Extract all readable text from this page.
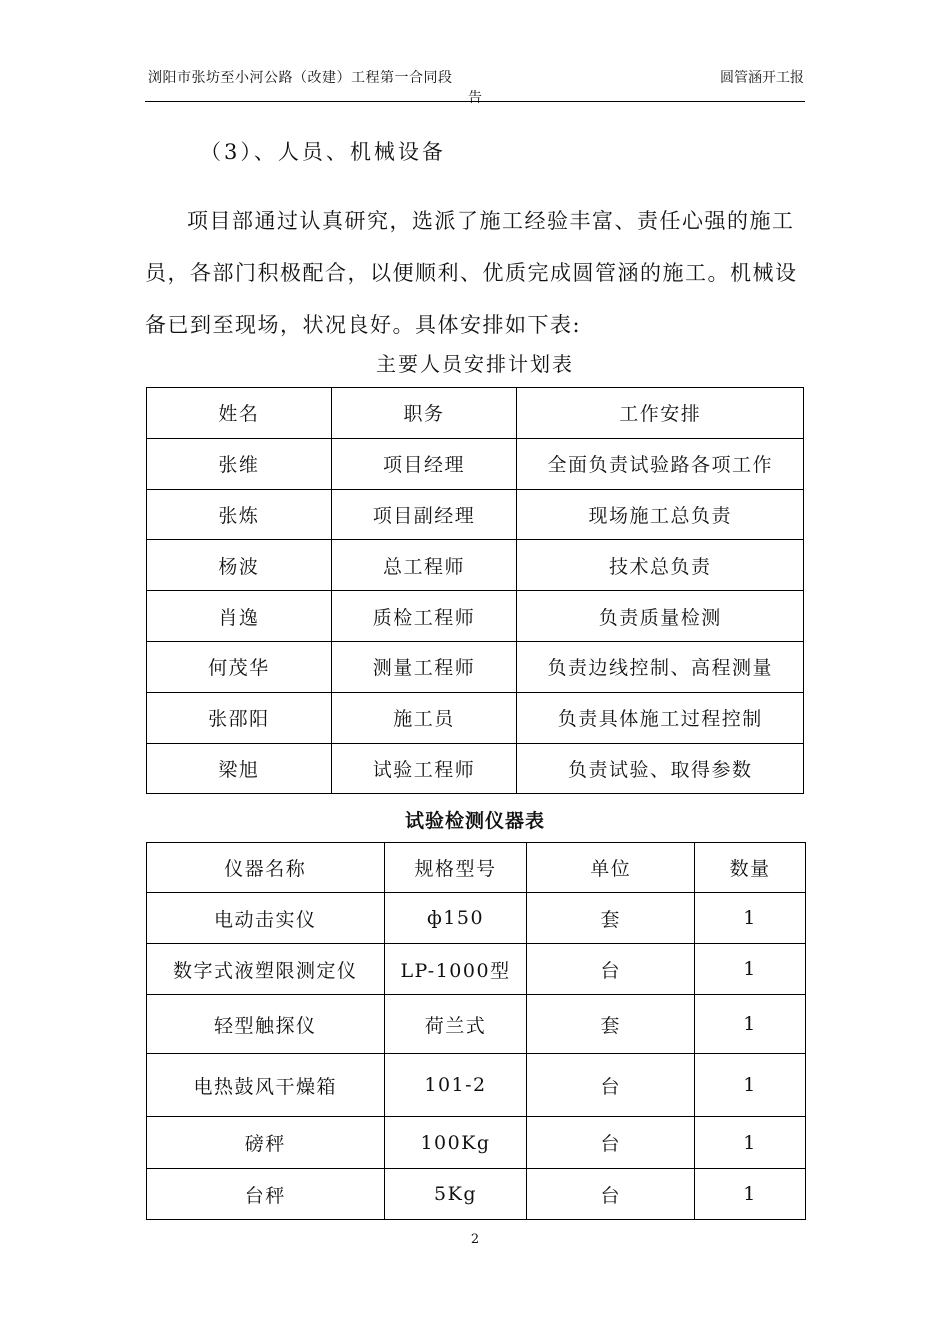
浏阳市张坊至小河公路（改建）工程第一合同段
告
圆管涵开工报
（3）、人员、机械设备
项目部通过认真研究，选派了施工经验丰富、责任心强的施工员，各部门积极配合，以便顺利、优质完成圆管涵的施工。机械设备已到至现场，状况良好。具体安排如下表:
主要人员安排计划表
姓名	职务	工作安排
张维	项目经理	全面负责试验路各项工作
张炼	项目副经理	现场施工总负责
杨波	总工程师	技术总负责
肖逸	质检工程师	负责质量检测
何茂华	测量工程师	负责边线控制、高程测量
张邵阳	施工员	负责具体施工过程控制
梁旭	试验工程师	负责试验、取得参数
试验检测仪器表
仪器名称	规格型号	单位	数量
电动击实仪	ф150	套	1
数字式液塑限测定仪	LP-1000型	台	1
轻型触探仪	荷兰式	套	1
电热鼓风干燥箱	101-2	台	1
磅秤	100Kg	台	1
台秤	5Kg	台	1
2
